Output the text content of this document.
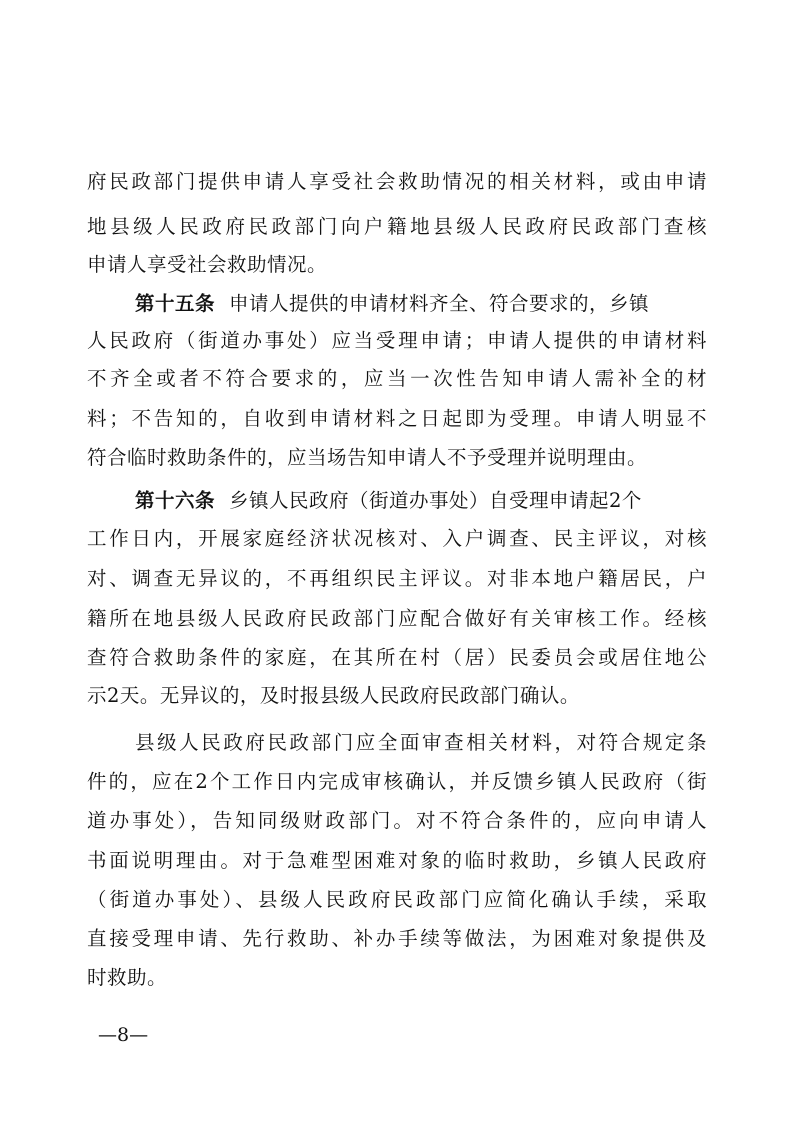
府民政部门提供申请人享受社会救助情况的相关材料，或由申请
地县级人民政府民政部门向户籍地县级人民政府民政部门查核
申请人享受社会救助情况。
第十五条 申请人提供的申请材料齐全、符合要求的，乡镇
人民政府（街道办事处）应当受理申请；申请人提供的申请材料
不齐全或者不符合要求的，应当一次性告知申请人需补全的材
料；不告知的，自收到申请材料之日起即为受理。申请人明显不
符合临时救助条件的，应当场告知申请人不予受理并说明理由。
第十六条 乡镇人民政府（街道办事处）自受理申请起2个
工作日内，开展家庭经济状况核对、入户调查、民主评议，对核
对、调查无异议的，不再组织民主评议。对非本地户籍居民，户
籍所在地县级人民政府民政部门应配合做好有关审核工作。经核
查符合救助条件的家庭，在其所在村（居）民委员会或居住地公
示2天。无异议的，及时报县级人民政府民政部门确认。
县级人民政府民政部门应全面审查相关材料，对符合规定条
件的，应在2个工作日内完成审核确认，并反馈乡镇人民政府（街
道办事处），告知同级财政部门。对不符合条件的，应向申请人
书面说明理由。对于急难型困难对象的临时救助，乡镇人民政府
（街道办事处）、县级人民政府民政部门应简化确认手续，采取
直接受理申请、先行救助、补办手续等做法，为困难对象提供及
时救助。
—8—
